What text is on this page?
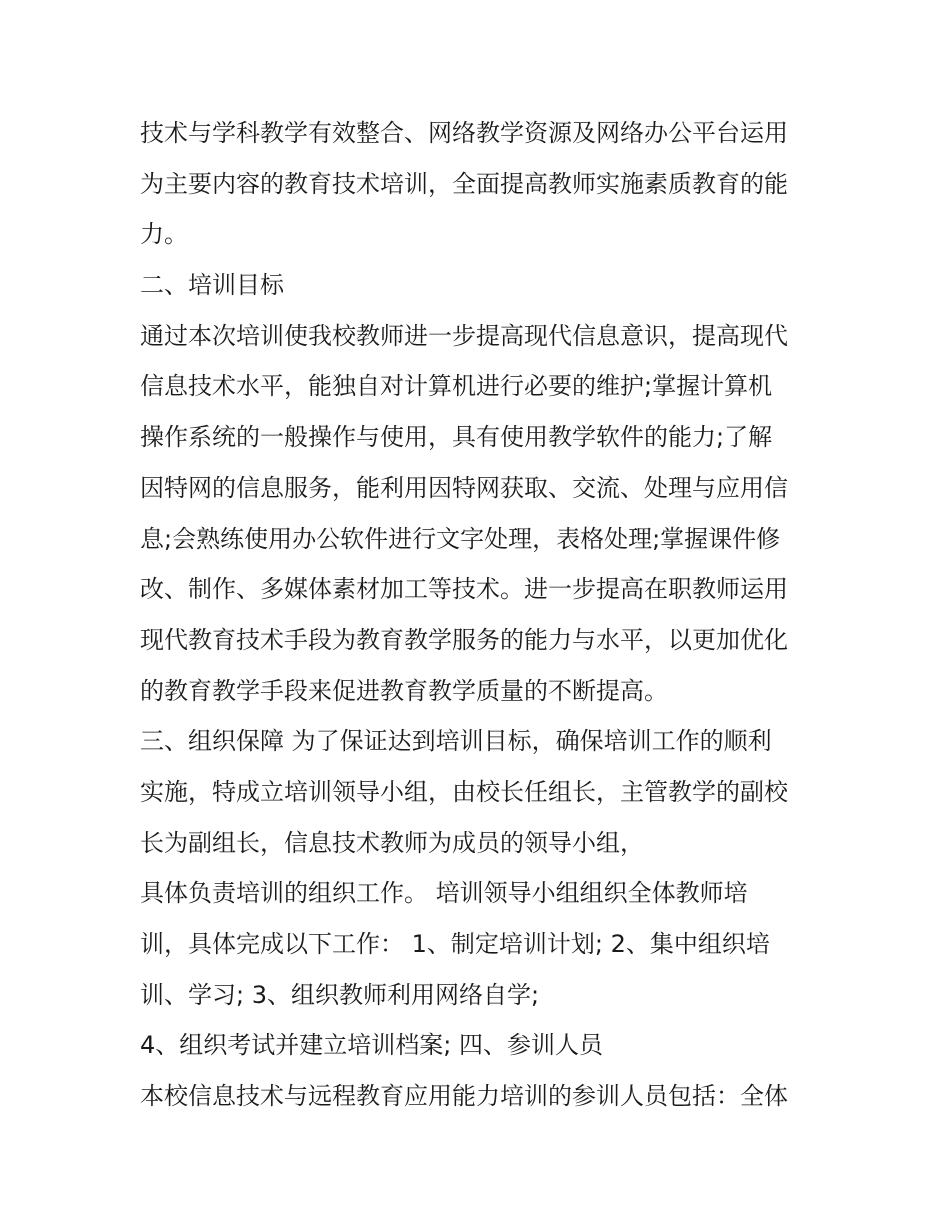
技术与学科教学有效整合、网络教学资源及网络办公平台运用
为主要内容的教育技术培训，全面提高教师实施素质教育的能
力。
二、培训目标
通过本次培训使我校教师进一步提高现代信息意识，提高现代
信息技术水平，能独自对计算机进行必要的维护;掌握计算机
操作系统的一般操作与使用，具有使用教学软件的能力;了解
因特网的信息服务，能利用因特网获取、交流、处理与应用信
息;会熟练使用办公软件进行文字处理，表格处理;掌握课件修
改、制作、多媒体素材加工等技术。进一步提高在职教师运用
现代教育技术手段为教育教学服务的能力与水平，以更加优化
的教育教学手段来促进教育教学质量的不断提高。
三、组织保障 为了保证达到培训目标，确保培训工作的顺利
实施，特成立培训领导小组，由校长任组长，主管教学的副校
长为副组长，信息技术教师为成员的领导小组，
具体负责培训的组织工作。 培训领导小组组织全体教师培
训，具体完成以下工作： 1、制定培训计划; 2、集中组织培
训、学习; 3、组织教师利用网络自学;
4、组织考试并建立培训档案; 四、参训人员
本校信息技术与远程教育应用能力培训的参训人员包括：全体
